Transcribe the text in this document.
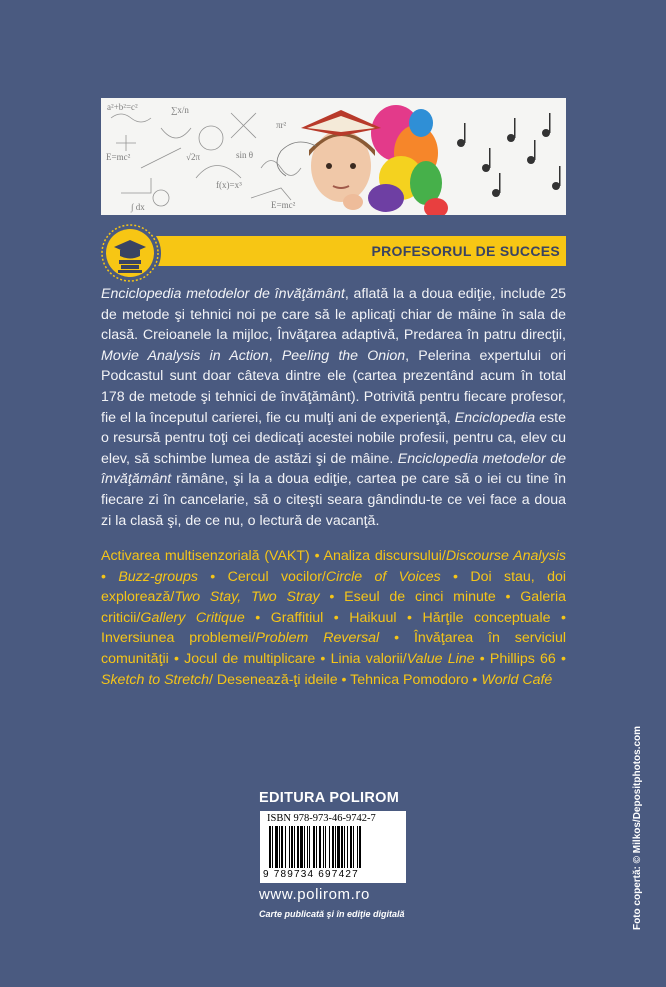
a²+b²=c²	∑x/n
E=mc²	√2π
f(x)=x³
∫ dx
sin θ
πr²
E=mc²
PROFESORUL DE SUCCES
Enciclopedia metodelor de învăţământ, aflată la a doua ediţie, include 25 de metode şi tehnici noi pe care să le aplicaţi chiar de mâine în sala de clasă. Creioanele la mijloc, Învăţarea adaptivă, Predarea în patru direcţii, Movie Analysis in Action, Peeling the Onion, Pelerina expertului ori Podcastul sunt doar câteva dintre ele (cartea prezentând acum în total 178 de metode şi tehnici de învăţământ). Potrivită pentru fiecare profesor, fie el la începutul carierei, fie cu mulţi ani de experienţă, Enciclopedia este o resursă pentru toţi cei dedicaţi acestei nobile profesii, pentru ca, elev cu elev, să schimbe lumea de astăzi şi de mâine. Enciclopedia metodelor de învăţământ rămâne, şi la a doua ediţie, cartea pe care să o iei cu tine în fiecare zi în cancelarie, să o citeşti seara gândindu-te ce vei face a doua zi la clasă şi, de ce nu, o lectură de vacanţă.
Activarea multisenzorială (VAKT) • Analiza discursului/Discourse Analysis • Buzz-groups • Cercul vocilor/Circle of Voices • Doi stau, doi explorează/Two Stay, Two Stray • Eseul de cinci minute • Galeria criticii/Gallery Critique • Graffitiul • Haikuul • Hărţile conceptuale • Inversiunea problemei/Problem Reversal • Învăţarea în serviciul comunităţii • Jocul de multiplicare • Linia valorii/Value Line • Phillips 66 • Sketch to Stretch/ Desenează-ţi ideile • Tehnica Pomodoro • World Café
EDITURA POLIROM
ISBN 978-973-46-9742-7
9 789734 697427
www.polirom.ro
Carte publicată şi în ediţie digitală	Foto copertă: © Milkos/Depositphotos.com
